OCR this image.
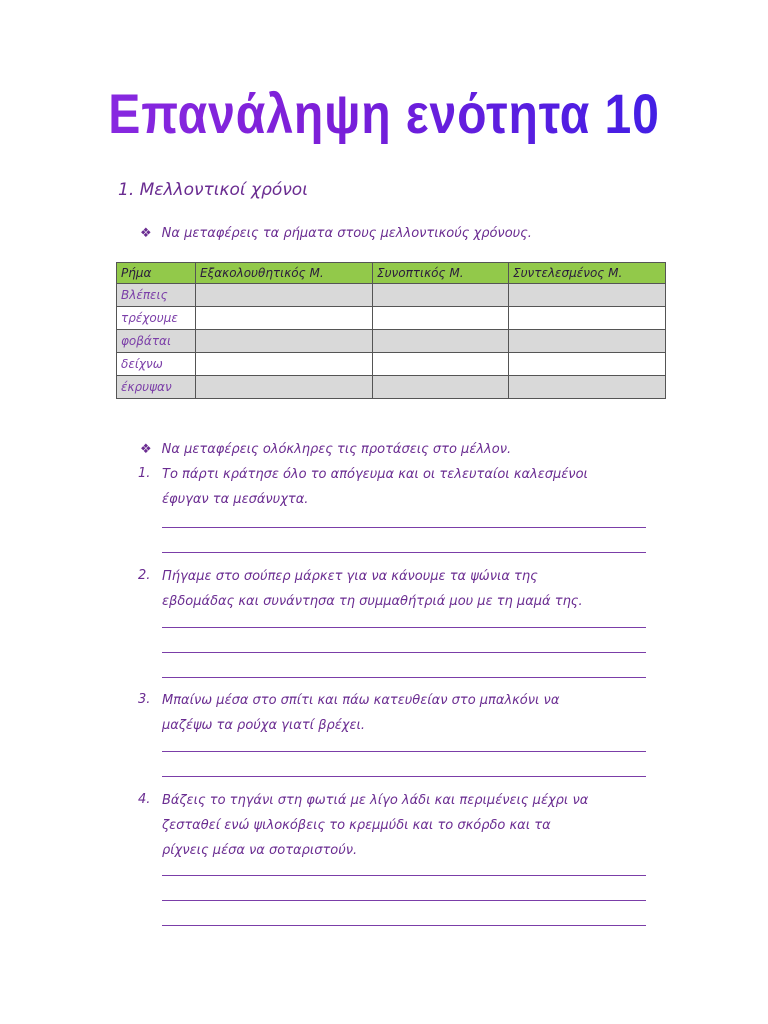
Επανάληψη ενότητα 10
1. Μελλοντικοί χρόνοι
❖ Να μεταφέρεις τα ρήματα στους μελλοντικούς χρόνους.
Ρήμα	Εξακολουθητικός Μ.	Συνοπτικός Μ.	Συντελεσμένος Μ.
Βλέπεις			
τρέχουμε			
φοβάται			
δείχνω			
έκρυψαν			
❖ Να μεταφέρεις ολόκληρες τις προτάσεις στο μέλλον.
1. Το πάρτι κράτησε όλο το απόγευμα και οι τελευταίοι καλεσμένοι
έφυγαν τα μεσάνυχτα.
2. Πήγαμε στο σούπερ μάρκετ για να κάνουμε τα ψώνια της
εβδομάδας και συνάντησα τη συμμαθήτριά μου με τη μαμά της.
3. Μπαίνω μέσα στο σπίτι και πάω κατευθείαν στο μπαλκόνι να
μαζέψω τα ρούχα γιατί βρέχει.
4. Βάζεις το τηγάνι στη φωτιά με λίγο λάδι και περιμένεις μέχρι να
ζεσταθεί ενώ ψιλοκόβεις το κρεμμύδι και το σκόρδο και τα
ρίχνεις μέσα να σοταριστούν.
